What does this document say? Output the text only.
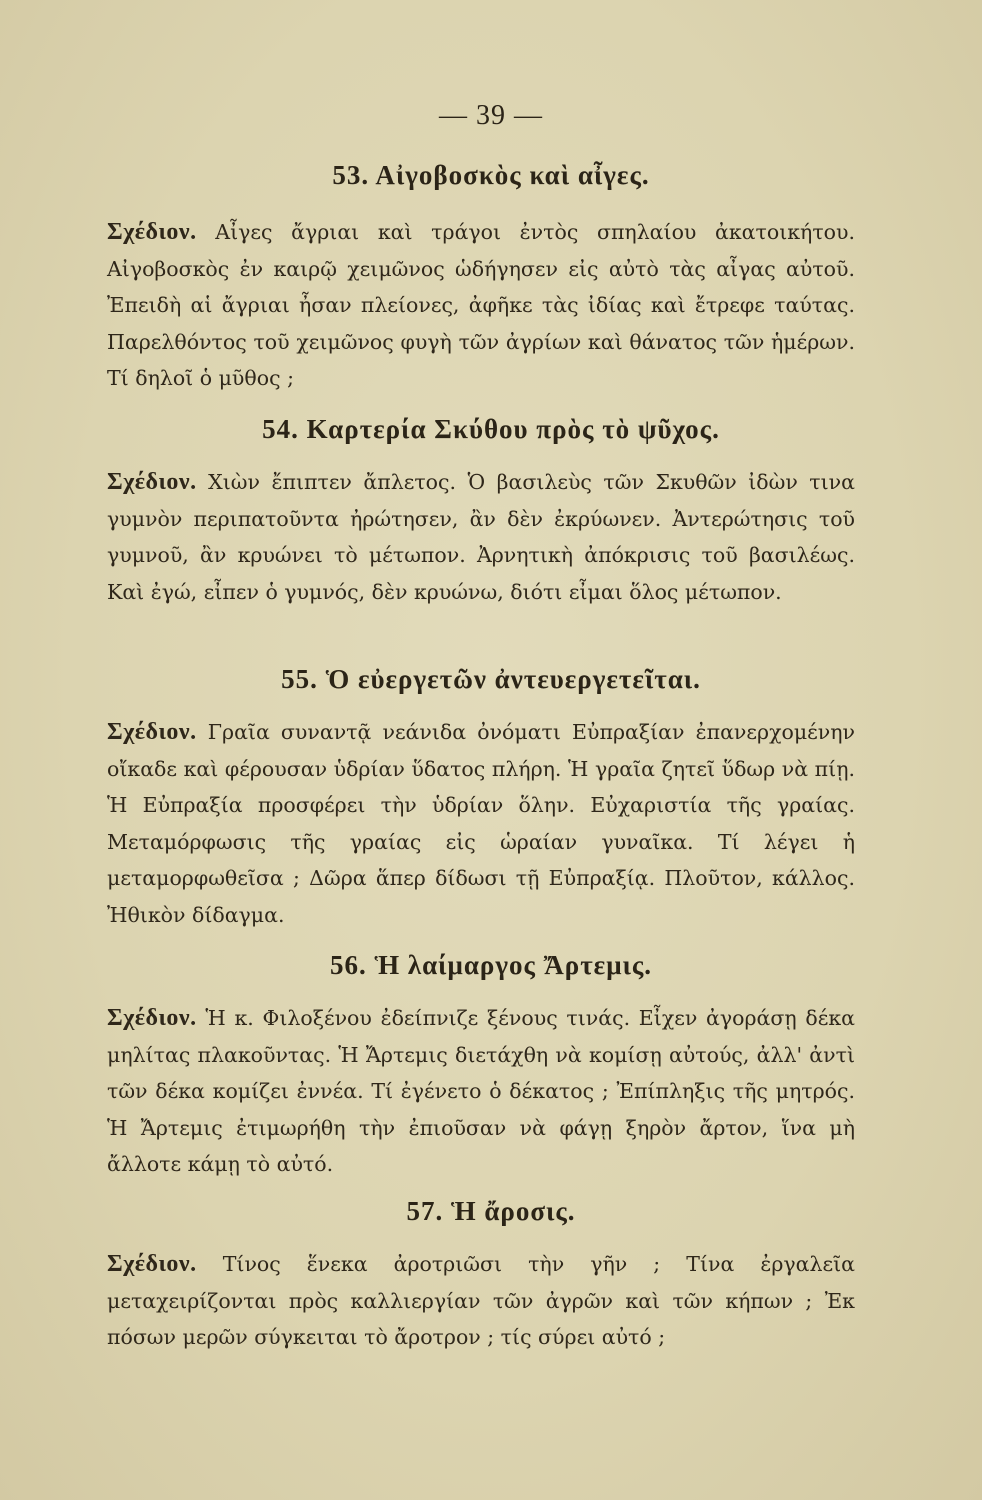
— 39 —
53. Αἰγοβοσκὸς καὶ αἶγες.
Σχέδιον. Αἶγες ἄγριαι καὶ τράγοι ἐντὸς σπηλαίου ἀκατοικήτου. Αἰγοβοσκὸς ἐν καιρῷ χειμῶνος ὡδήγησεν εἰς αὐτὸ τὰς αἶγας αὐτοῦ. Ἐπειδὴ αἱ ἄγριαι ἦσαν πλείονες, ἀφῆκε τὰς ἰδίας καὶ ἔτρεφε ταύτας. Παρελθόντος τοῦ χειμῶνος φυγὴ τῶν ἀγρίων καὶ θάνατος τῶν ἡμέρων. Τί δηλοῖ ὁ μῦθος ;
54. Καρτερία Σκύθου πρὸς τὸ ψῦχος.
Σχέδιον. Χιὼν ἔπιπτεν ἄπλετος. Ὁ βασιλεὺς τῶν Σκυθῶν ἰδὼν τινα γυμνὸν περιπατοῦντα ἠρώτησεν, ἂν δὲν ἐκρύωνεν. Ἀντερώτησις τοῦ γυμνοῦ, ἂν κρυώνει τὸ μέτωπον. Ἀρνητικὴ ἀπόκρισις τοῦ βασιλέως. Καὶ ἐγώ, εἶπεν ὁ γυμνός, δὲν κρυώνω, διότι εἶμαι ὅλος μέτωπον.
55. Ὁ εὐεργετῶν ἀντευεργετεῖται.
Σχέδιον. Γραῖα συναντᾷ νεάνιδα ὀνόματι Εὐπραξίαν ἐπανερχομένην οἴκαδε καὶ φέρουσαν ὑδρίαν ὕδατος πλήρη. Ἡ γραῖα ζητεῖ ὕδωρ νὰ πίῃ. Ἡ Εὐπραξία προσφέρει τὴν ὑδρίαν ὅλην. Εὐχαριστία τῆς γραίας. Μεταμόρφωσις τῆς γραίας εἰς ὡραίαν γυναῖκα. Τί λέγει ἡ μεταμορφωθεῖσα ; Δῶρα ἅπερ δίδωσι τῇ Εὐπραξίᾳ. Πλοῦτον, κάλλος. Ἠθικὸν δίδαγμα.
56. Ἡ λαίμαργος Ἄρτεμις.
Σχέδιον. Ἡ κ. Φιλοξένου ἐδείπνιζε ξένους τινάς. Εἶχεν ἀγοράσῃ δέκα μηλίτας πλακοῦντας. Ἡ Ἄρτεμις διετάχθη νὰ κομίσῃ αὐτούς, ἀλλ' ἀντὶ τῶν δέκα κομίζει ἐννέα. Τί ἐγένετο ὁ δέκατος ; Ἐπίπληξις τῆς μητρός. Ἡ Ἄρτεμις ἐτιμωρήθη τὴν ἐπιοῦσαν νὰ φάγῃ ξηρὸν ἄρτον, ἵνα μὴ ἄλλοτε κάμῃ τὸ αὐτό.
57. Ἡ ἄροσις.
Σχέδιον. Τίνος ἕνεκα ἀροτριῶσι τὴν γῆν ; Τίνα ἐργαλεῖα μεταχειρίζονται πρὸς καλλιεργίαν τῶν ἀγρῶν καὶ τῶν κήπων ; Ἐκ πόσων μερῶν σύγκειται τὸ ἄροτρον ; τίς σύρει αὐτό ;
